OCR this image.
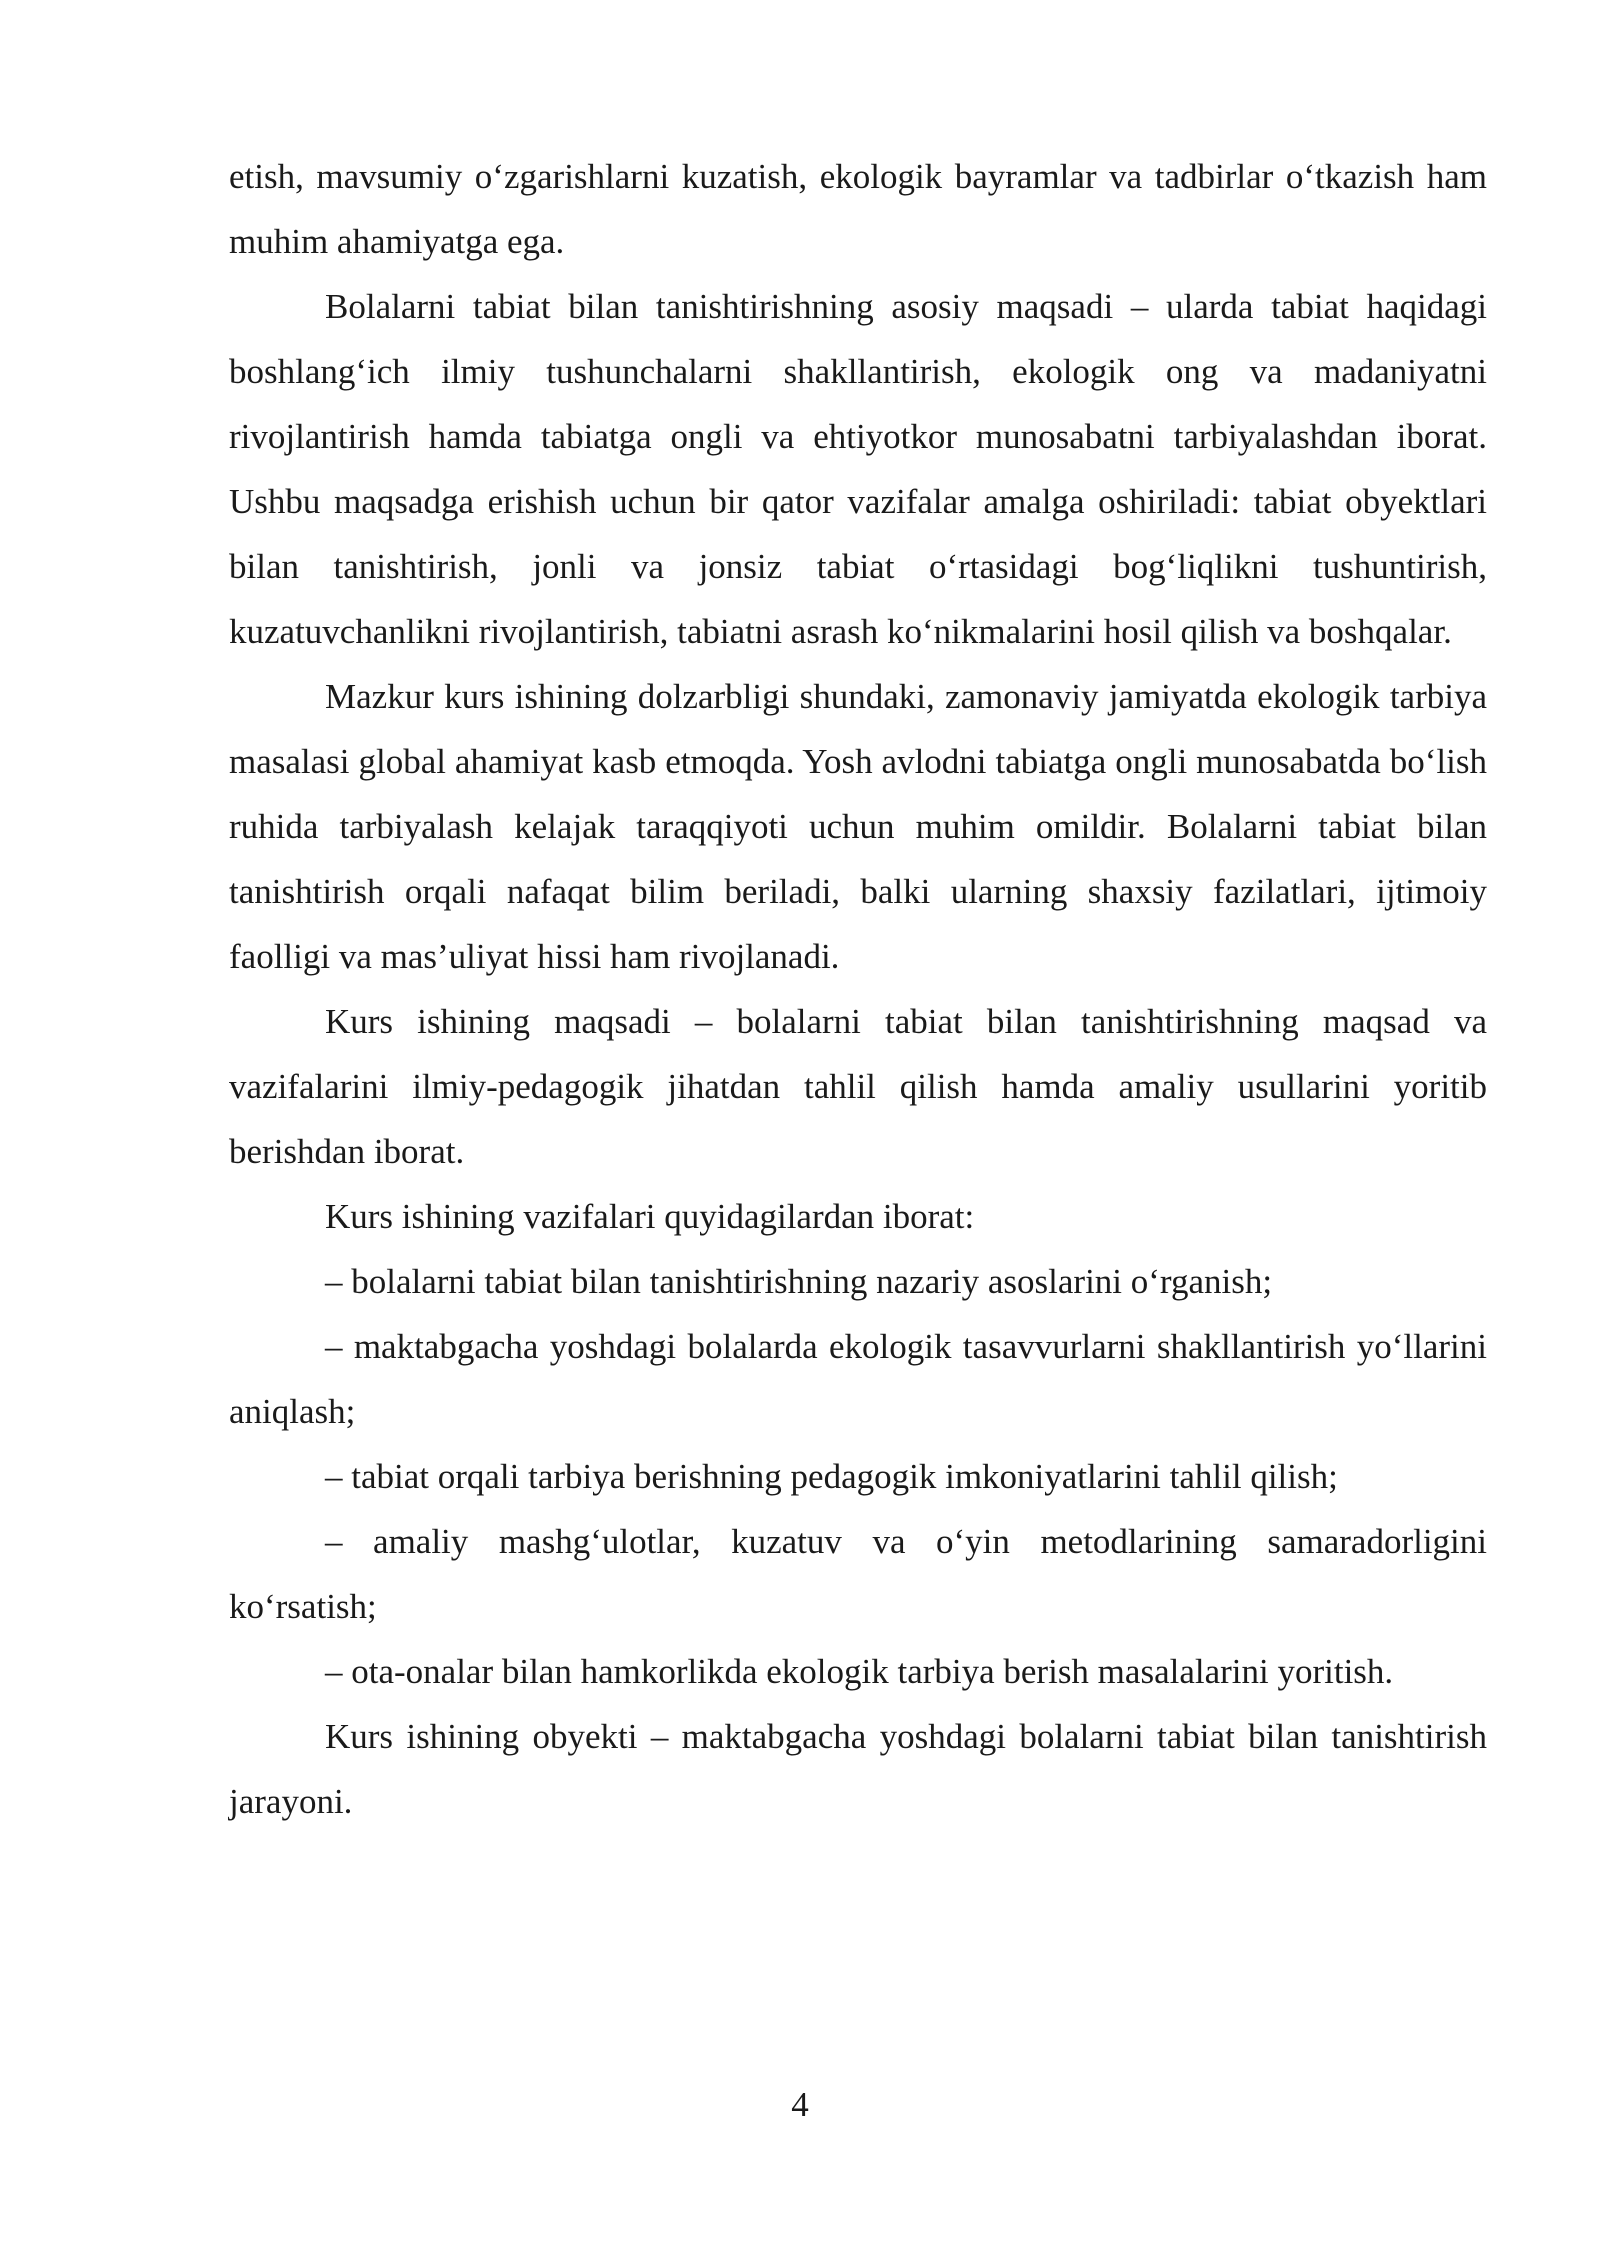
etish, mavsumiy o‘zgarishlarni kuzatish, ekologik bayramlar va tadbirlar o‘tkazish ham muhim ahamiyatga ega.

Bolalarni tabiat bilan tanishtirishning asosiy maqsadi – ularda tabiat haqidagi boshlang‘ich ilmiy tushunchalarni shakllantirish, ekologik ong va madaniyatni rivojlantirish hamda tabiatga ongli va ehtiyotkor munosabatni tarbiyalashdan iborat. Ushbu maqsadga erishish uchun bir qator vazifalar amalga oshiriladi: tabiat obyektlari bilan tanishtirish, jonli va jonsiz tabiat o‘rtasidagi bog‘liqlikni tushuntirish, kuzatuvchanlikni rivojlantirish, tabiatni asrash ko‘nikmalarini hosil qilish va boshqalar.

Mazkur kurs ishining dolzarbligi shundaki, zamonaviy jamiyatda ekologik tarbiya masalasi global ahamiyat kasb etmoqda. Yosh avlodni tabiatga ongli munosabatda bo‘lish ruhida tarbiyalash kelajak taraqqiyoti uchun muhim omildir. Bolalarni tabiat bilan tanishtirish orqali nafaqat bilim beriladi, balki ularning shaxsiy fazilatlari, ijtimoiy faolligi va mas’uliyat hissi ham rivojlanadi.

Kurs ishining maqsadi – bolalarni tabiat bilan tanishtirishning maqsad va vazifalarini ilmiy-pedagogik jihatdan tahlil qilish hamda amaliy usullarini yoritib berishdan iborat.

Kurs ishining vazifalari quyidagilardan iborat:

– bolalarni tabiat bilan tanishtirishning nazariy asoslarini o‘rganish;

– maktabgacha yoshdagi bolalarda ekologik tasavvurlarni shakllantirish yo‘llarini aniqlash;

– tabiat orqali tarbiya berishning pedagogik imkoniyatlarini tahlil qilish;

– amaliy mashg‘ulotlar, kuzatuv va o‘yin metodlarining samaradorligini ko‘rsatish;

– ota-onalar bilan hamkorlikda ekologik tarbiya berish masalalarini yoritish.

Kurs ishining obyekti – maktabgacha yoshdagi bolalarni tabiat bilan tanishtirish jarayoni.

4
